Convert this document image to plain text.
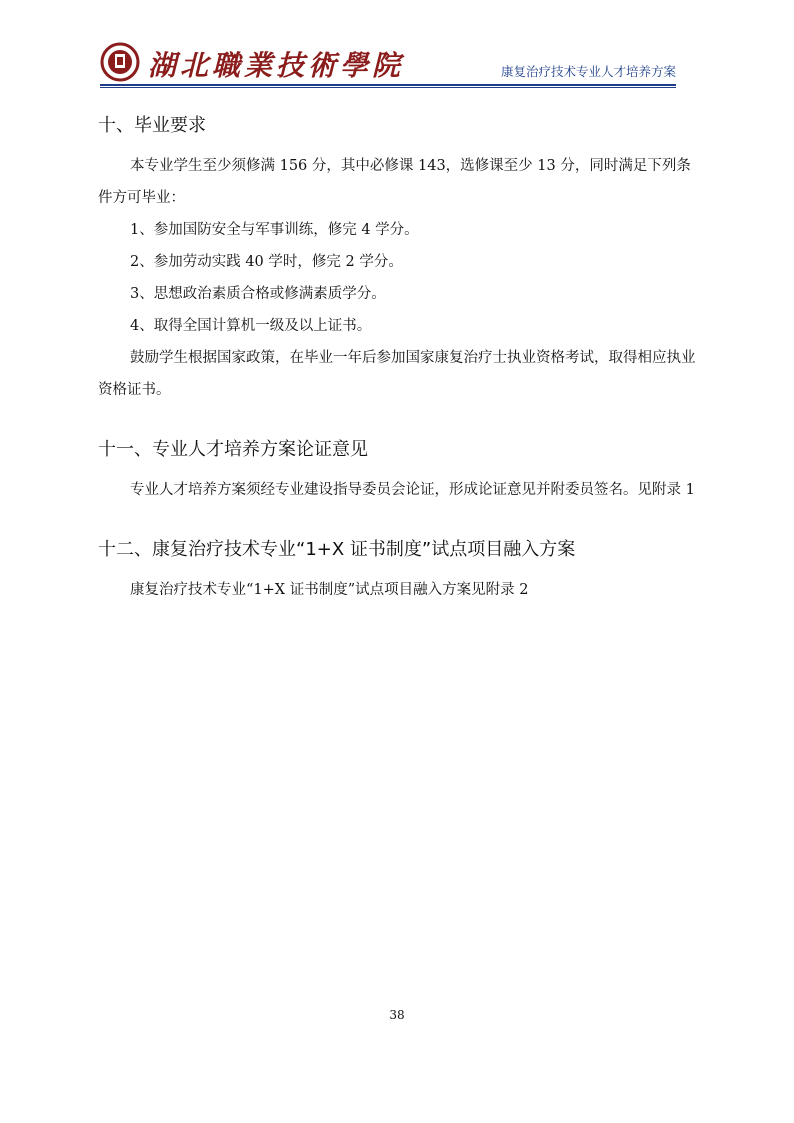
湖北職業技術學院	康复治疗技术专业人才培养方案
十、毕业要求

本专业学生至少须修满 156 分，其中必修课 143，选修课至少 13 分，同时满足下列条件方可毕业：

1、参加国防安全与军事训练，修完 4 学分。

2、参加劳动实践 40 学时，修完 2 学分。

3、思想政治素质合格或修满素质学分。

4、取得全国计算机一级及以上证书。

鼓励学生根据国家政策，在毕业一年后参加国家康复治疗士执业资格考试，取得相应执业资格证书。

十一、专业人才培养方案论证意见

专业人才培养方案须经专业建设指导委员会论证，形成论证意见并附委员签名。见附录 1

十二、康复治疗技术专业“1+X 证书制度”试点项目融入方案

康复治疗技术专业“1+X 证书制度”试点项目融入方案见附录 2

38
